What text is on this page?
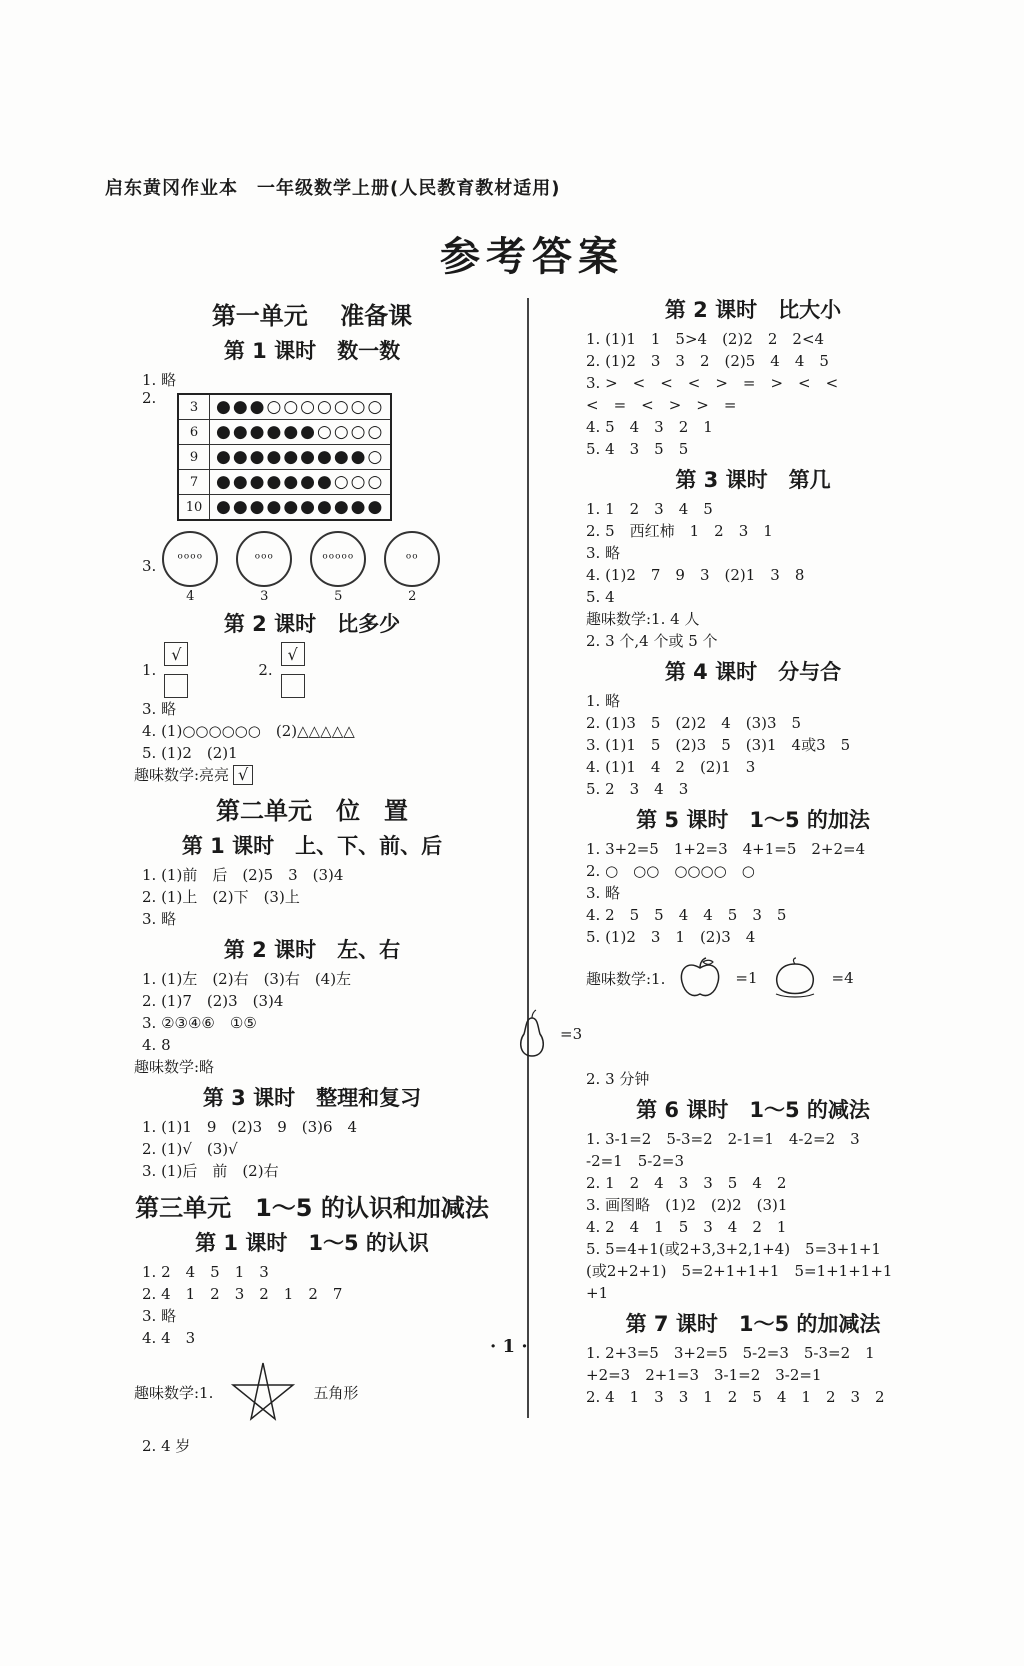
启东黄冈作业本　一年级数学上册(人民教育教材适用)
参考答案
第一单元　 准备课
第 1 课时　数一数
1. 略
2.	3	●●●○○○○○○○
6	●●●●●●○○○○
9	●●●●●●●●●○
7	●●●●●●●○○○
10	●●●●●●●●●●
3.	ᵒᵒᵒᵒ
4
ᵒᵒᵒ
3
ᵒᵒᵒᵒᵒ
5
ᵒᵒ
2
第 2 课时　比多少
1.
√
2.
√
3. 略
4. (1)○○○○○○　(2)△△△△△
5. (1)2　(2)1
趣味数学:亮亮 √
第二单元　位　置
第 1 课时　上、下、前、后
1. (1)前　后　(2)5　3　(3)4
2. (1)上　(2)下　(3)上
3. 略
第 2 课时　左、右
1. (1)左　(2)右　(3)右　(4)左
2. (1)7　(2)3　(3)4
3. ②③④⑥　①⑤
4. 8
趣味数学:略
第 3 课时　整理和复习
1. (1)1　9　(2)3　9　(3)6　4
2. (1)√　(3)√
3. (1)后　前　(2)右
第三单元　1～5 的认识和加减法
第 1 课时　1～5 的认识
1. 2　4　5　1　3
2. 4　1　2　3　2　1　2　7
3. 略
4. 4　3
趣味数学:1.	五角形
2. 4 岁
第 2 课时　比大小
1. (1)1　1　5>4　(2)2　2　2<4
2. (1)2　3　3　2　(2)5　4　4　5
3. >　<　<　<　>　=　>　<　<
<　=　<　>　>　=
4. 5　4　3　2　1
5. 4　3　5　5
第 3 课时　第几
1. 1　2　3　4　5
2. 5　西红柿　1　2　3　1
3. 略
4. (1)2　7　9　3　(2)1　3　8
5. 4
趣味数学:1. 4 人
2. 3 个,4 个或 5 个
第 4 课时　分与合
1. 略
2. (1)3　5　(2)2　4　(3)3　5
3. (1)1　5　(2)3　5　(3)1　4或3　5
4. (1)1　4　2　(2)1　3
5. 2　3　4　3
第 5 课时　1～5 的加法
1. 3+2=5　1+2=3　4+1=5　2+2=4
2. ○　○○　○○○○　○
3. 略
4. 2　5　5　4　4　5　3　5
5. (1)2　3　1　(2)3　4
趣味数学:1.	=1	=4
=3
2. 3 分钟
第 6 课时　1～5 的减法
1. 3-1=2　5-3=2　2-1=1　4-2=2　3
-2=1　5-2=3
2. 1　2　4　3　3　5　4　2
3. 画图略　(1)2　(2)2　(3)1
4. 2　4　1　5　3　4　2　1
5. 5=4+1(或2+3,3+2,1+4)　5=3+1+1
(或2+2+1)　5=2+1+1+1　5=1+1+1+1
+1
第 7 课时　1～5 的加减法
1. 2+3=5　3+2=5　5-2=3　5-3=2　1
+2=3　2+1=3　3-1=2　3-2=1
2. 4　1　3　3　1　2　5　4　1　2　3　2
· 1 ·
